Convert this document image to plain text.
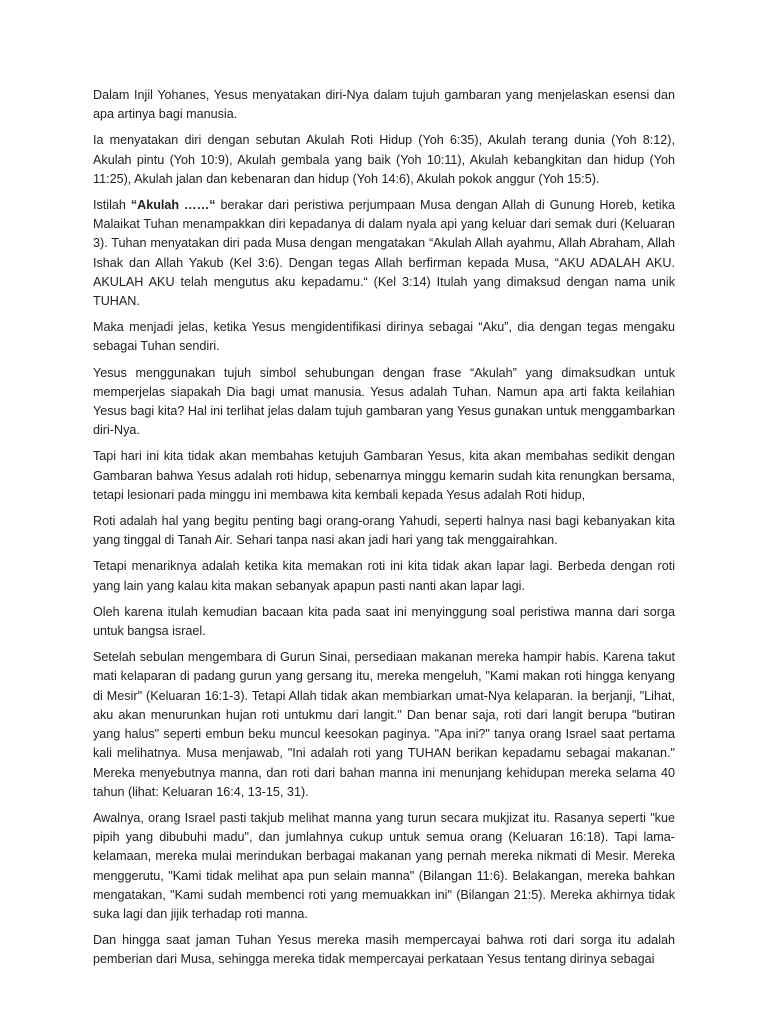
Dalam Injil Yohanes, Yesus menyatakan diri-Nya dalam tujuh gambaran yang menjelaskan esensi dan apa artinya bagi manusia.

Ia menyatakan diri dengan sebutan Akulah Roti Hidup (Yoh 6:35), Akulah terang dunia (Yoh 8:12), Akulah pintu (Yoh 10:9), Akulah gembala yang baik (Yoh 10:11), Akulah kebangkitan dan hidup (Yoh 11:25), Akulah jalan dan kebenaran dan hidup (Yoh 14:6), Akulah pokok anggur (Yoh 15:5).

Istilah “Akulah ……“ berakar dari peristiwa perjumpaan Musa dengan Allah di Gunung Horeb, ketika Malaikat Tuhan menampakkan diri kepadanya di dalam nyala api yang keluar dari semak duri (Keluaran 3). Tuhan menyatakan diri pada Musa dengan mengatakan “Akulah Allah ayahmu, Allah Abraham, Allah Ishak dan Allah Yakub (Kel 3:6). Dengan tegas Allah berfirman kepada Musa, “AKU ADALAH AKU. AKULAH AKU telah mengutus aku kepadamu.“ (Kel 3:14) Itulah yang dimaksud dengan nama unik TUHAN.

Maka menjadi jelas, ketika Yesus mengidentifikasi dirinya sebagai “Aku”, dia dengan tegas mengaku sebagai Tuhan sendiri.

Yesus menggunakan tujuh simbol sehubungan dengan frase “Akulah” yang dimaksudkan untuk memperjelas siapakah Dia bagi umat manusia. Yesus adalah Tuhan. Namun apa arti fakta keilahian Yesus bagi kita? Hal ini terlihat jelas dalam tujuh gambaran yang Yesus gunakan untuk menggambarkan diri-Nya.

Tapi hari ini kita tidak akan membahas ketujuh Gambaran Yesus, kita akan membahas sedikit dengan Gambaran bahwa Yesus adalah roti hidup, sebenarnya minggu kemarin sudah kita renungkan bersama, tetapi lesionari pada minggu ini membawa kita kembali kepada Yesus adalah Roti hidup,

Roti adalah hal yang begitu penting bagi orang-orang Yahudi, seperti halnya nasi bagi kebanyakan kita yang tinggal di Tanah Air. Sehari tanpa nasi akan jadi hari yang tak menggairahkan.

Tetapi menariknya adalah ketika kita memakan roti ini kita tidak akan lapar lagi. Berbeda dengan roti yang lain yang kalau kita makan sebanyak apapun pasti nanti akan lapar lagi.

Oleh karena itulah kemudian bacaan kita pada saat ini menyinggung soal peristiwa manna dari sorga untuk bangsa israel.

Setelah sebulan mengembara di Gurun Sinai, persediaan makanan mereka hampir habis. Karena takut mati kelaparan di padang gurun yang gersang itu, mereka mengeluh, "Kami makan roti hingga kenyang di Mesir" (Keluaran 16:1-3). Tetapi Allah tidak akan membiarkan umat-Nya kelaparan. Ia berjanji, "Lihat, aku akan menurunkan hujan roti untukmu dari langit." Dan benar saja, roti dari langit berupa "butiran yang halus" seperti embun beku muncul keesokan paginya. "Apa ini?" tanya orang Israel saat pertama kali melihatnya. Musa menjawab, "Ini adalah roti yang TUHAN berikan kepadamu sebagai makanan." Mereka menyebutnya manna, dan roti dari bahan manna ini menunjang kehidupan mereka selama 40 tahun (lihat: Keluaran 16:4, 13-15, 31).

Awalnya, orang Israel pasti takjub melihat manna yang turun secara mukjizat itu. Rasanya seperti "kue pipih yang dibubuhi madu", dan jumlahnya cukup untuk semua orang (Keluaran 16:18). Tapi lama-kelamaan, mereka mulai merindukan berbagai makanan yang pernah mereka nikmati di Mesir. Mereka menggerutu, "Kami tidak melihat apa pun selain manna" (Bilangan 11:6). Belakangan, mereka bahkan mengatakan, "Kami sudah membenci roti yang memuakkan ini" (Bilangan 21:5). Mereka akhirnya tidak suka lagi dan jijik terhadap roti manna.

Dan hingga saat jaman Tuhan Yesus mereka masih mempercayai bahwa roti dari sorga itu adalah pemberian dari Musa, sehingga mereka tidak mempercayai perkataan Yesus tentang dirinya sebagai
